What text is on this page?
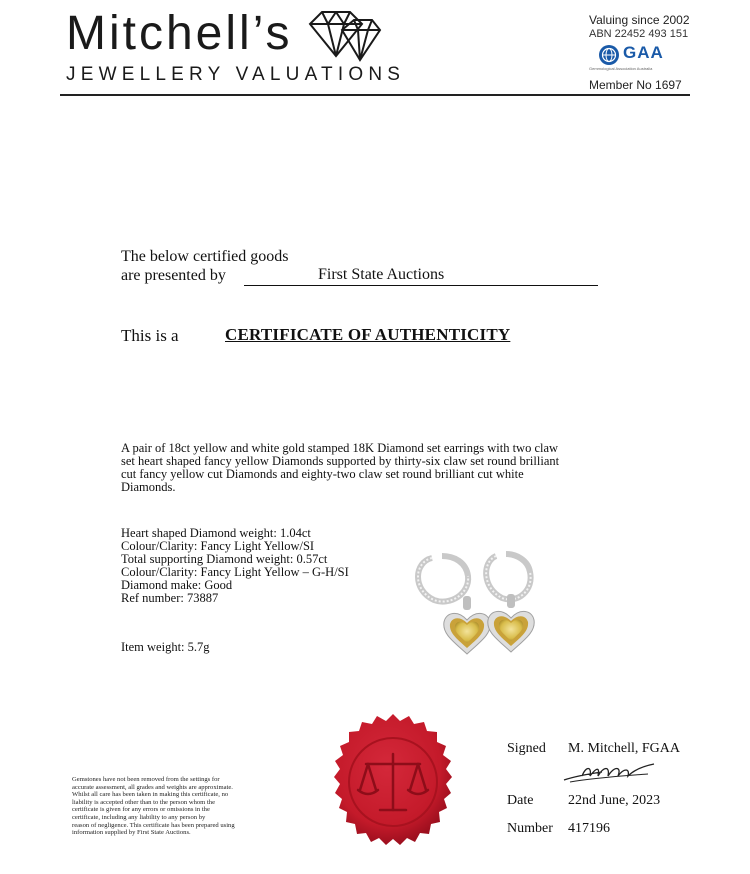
Mitchell’s
JEWELLERY VALUATIONS
Valuing since 2002
ABN 22452 493 151
GAA
Gemmological Association Australia
Member No 1697
The below certified goods
are presented by	First State Auctions
This is a	CERTIFICATE OF AUTHENTICITY
A pair of 18ct yellow and white gold stamped 18K Diamond set earrings with two claw
set heart shaped fancy yellow Diamonds supported by thirty-six claw set round brilliant
cut fancy yellow cut Diamonds and eighty-two claw set round brilliant cut white
Diamonds.
Heart shaped Diamond weight: 1.04ct
Colour/Clarity: Fancy Light Yellow/SI
Total supporting Diamond weight: 0.57ct
Colour/Clarity: Fancy Light Yellow – G-H/SI
Diamond make: Good
Ref number: 73887
Item weight: 5.7g
Gemstones have not been removed from the settings for
accurate assessment, all grades and weights are approximate.
Whilst all care has been taken in making this certificate, no
liability is accepted other than to the person whom the
certificate is given for any errors or omissions in the
certificate, including any liability to any person by
reason of negligence. This certificate has been prepared using
information supplied by First State Auctions.
Signed M. Mitchell, FGAA
Date 22nd June, 2023
Number 417196
